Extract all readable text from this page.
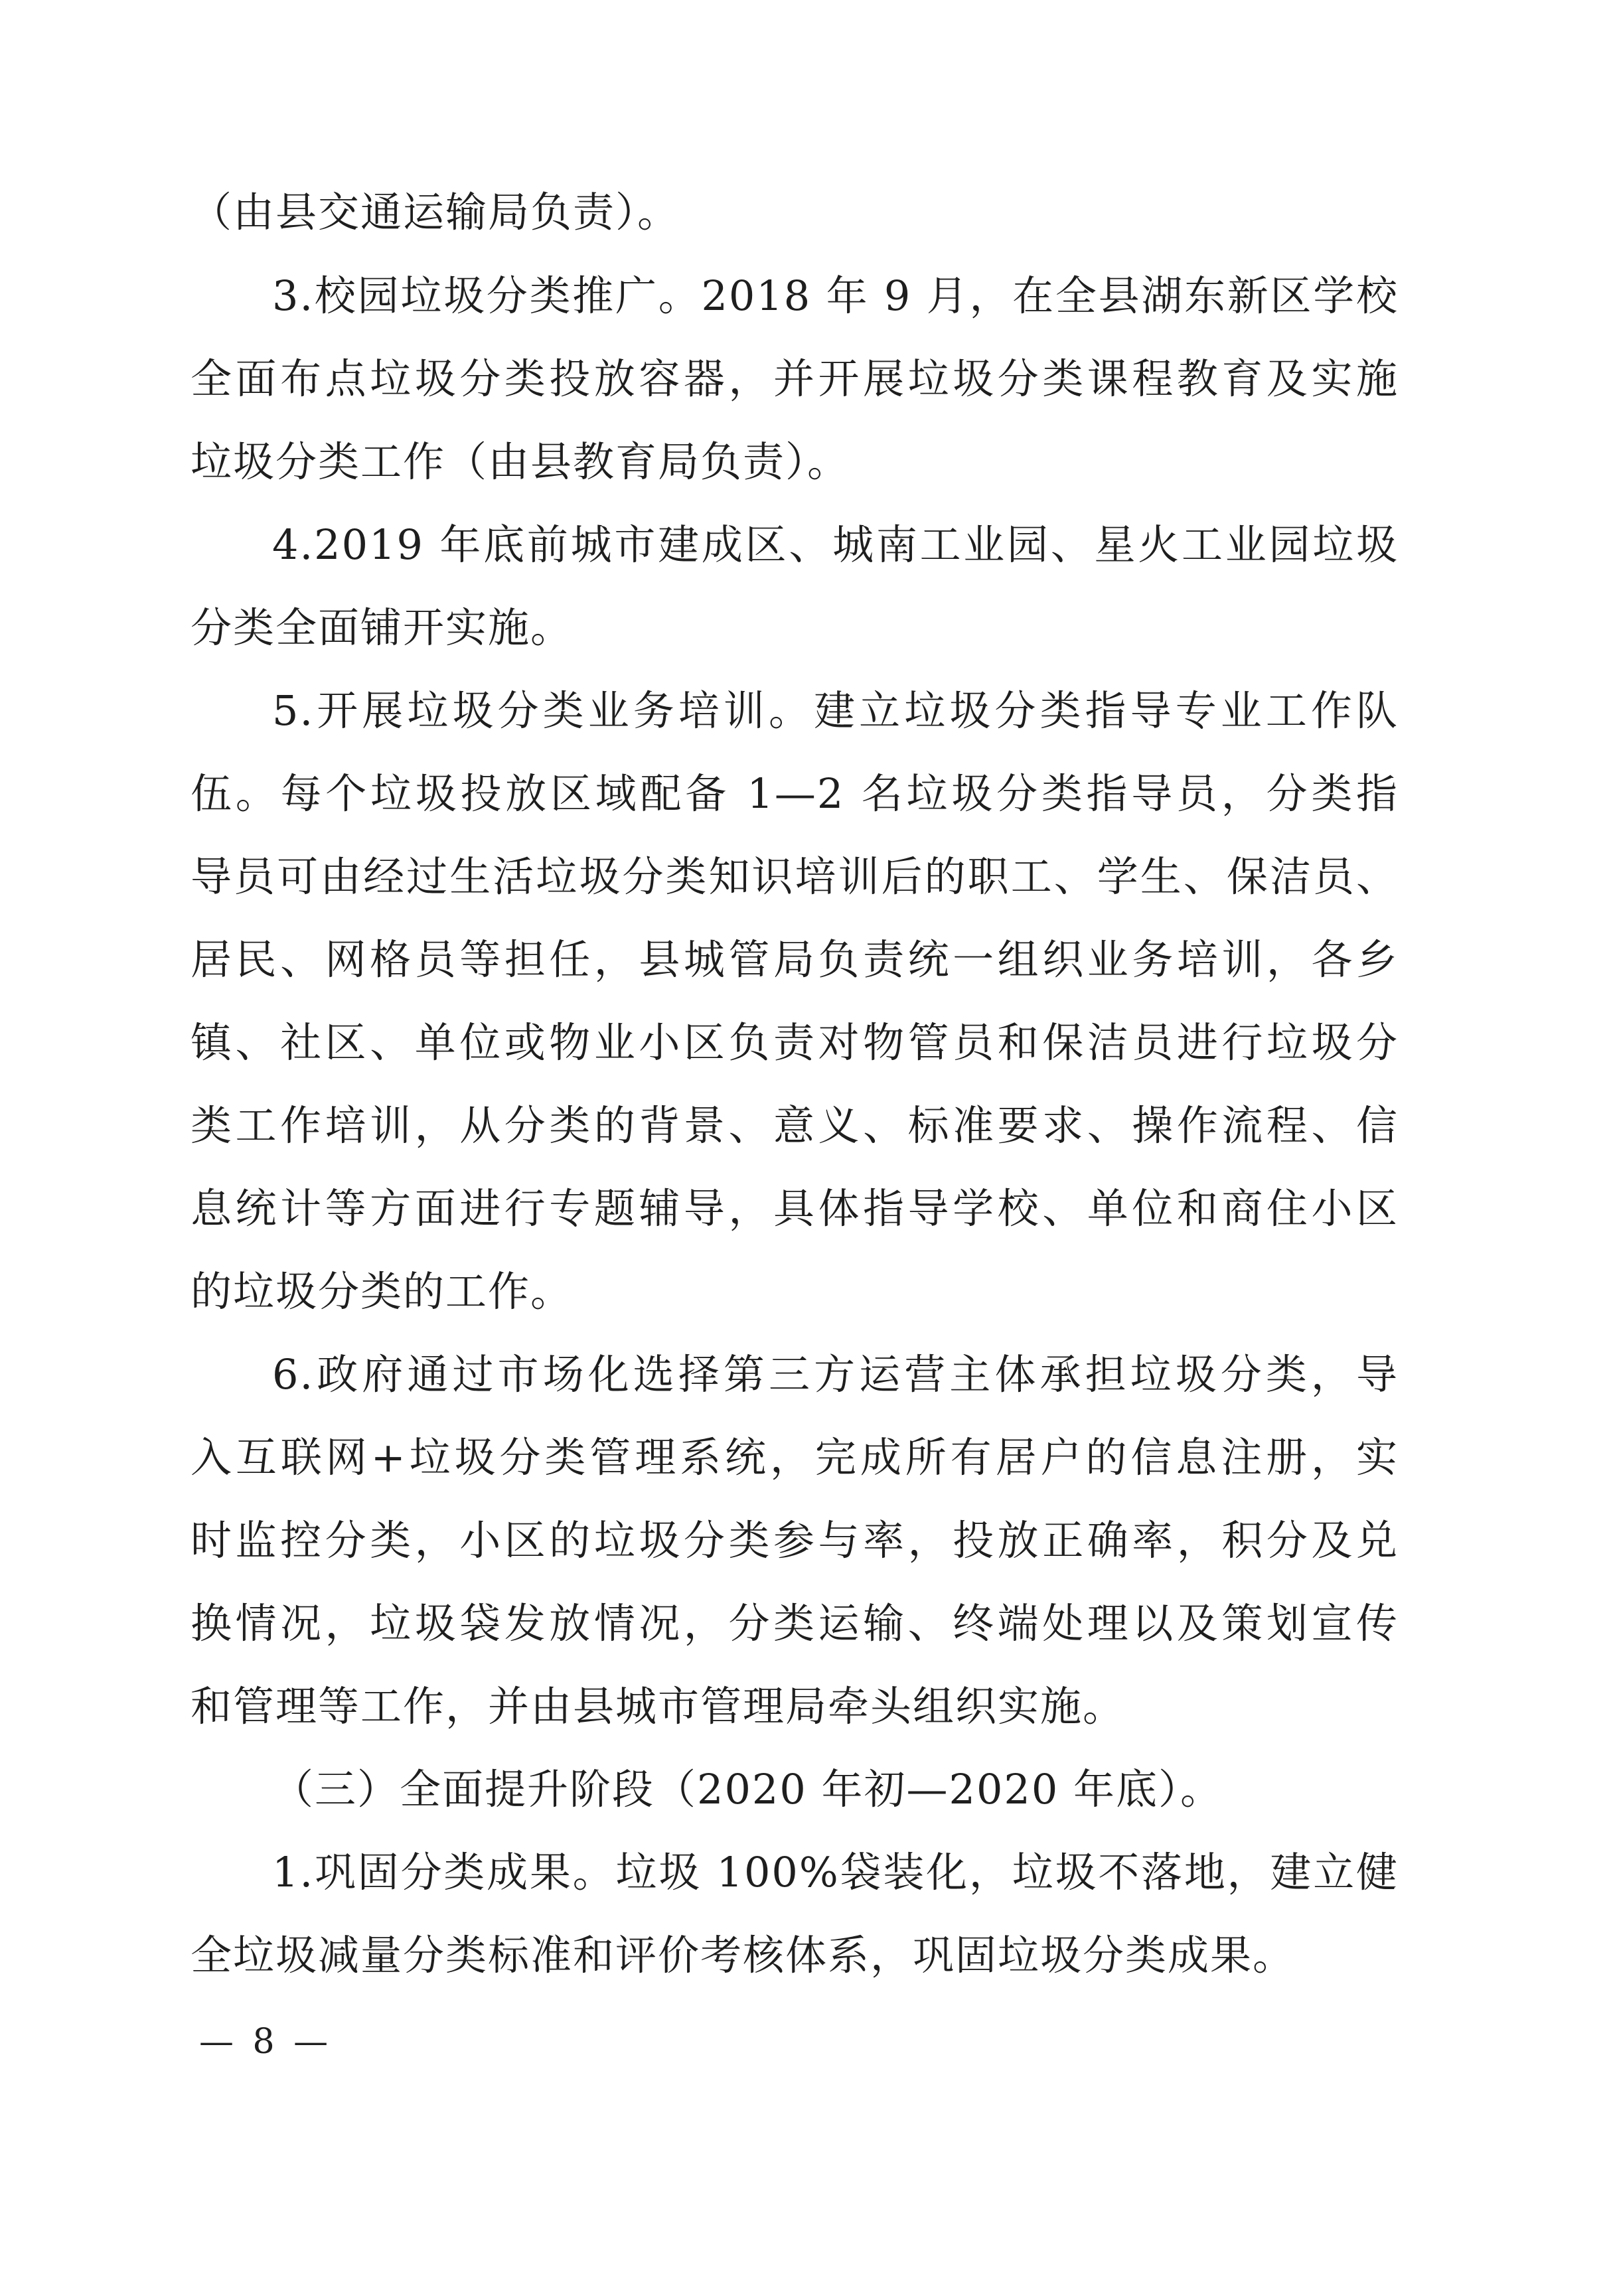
（由县交通运输局负责）。
3.校园垃圾分类推广。2018 年 9 月，在全县湖东新区学校
全面布点垃圾分类投放容器，并开展垃圾分类课程教育及实施
垃圾分类工作（由县教育局负责）。
4.2019 年底前城市建成区、城南工业园、星火工业园垃圾
分类全面铺开实施。
5.开展垃圾分类业务培训。建立垃圾分类指导专业工作队
伍。每个垃圾投放区域配备 1—2 名垃圾分类指导员，分类指
导员可由经过生活垃圾分类知识培训后的职工、学生、保洁员、
居民、网格员等担任，县城管局负责统一组织业务培训，各乡
镇、社区、单位或物业小区负责对物管员和保洁员进行垃圾分
类工作培训，从分类的背景、意义、标准要求、操作流程、信
息统计等方面进行专题辅导，具体指导学校、单位和商住小区
的垃圾分类的工作。
6.政府通过市场化选择第三方运营主体承担垃圾分类，导
入互联网+垃圾分类管理系统，完成所有居户的信息注册，实
时监控分类，小区的垃圾分类参与率，投放正确率，积分及兑
换情况，垃圾袋发放情况，分类运输、终端处理以及策划宣传
和管理等工作，并由县城市管理局牵头组织实施。
（三）全面提升阶段（2020 年初—2020 年底）。
1.巩固分类成果。垃圾 100%袋装化，垃圾不落地，建立健
全垃圾减量分类标准和评价考核体系，巩固垃圾分类成果。
— 8 —
